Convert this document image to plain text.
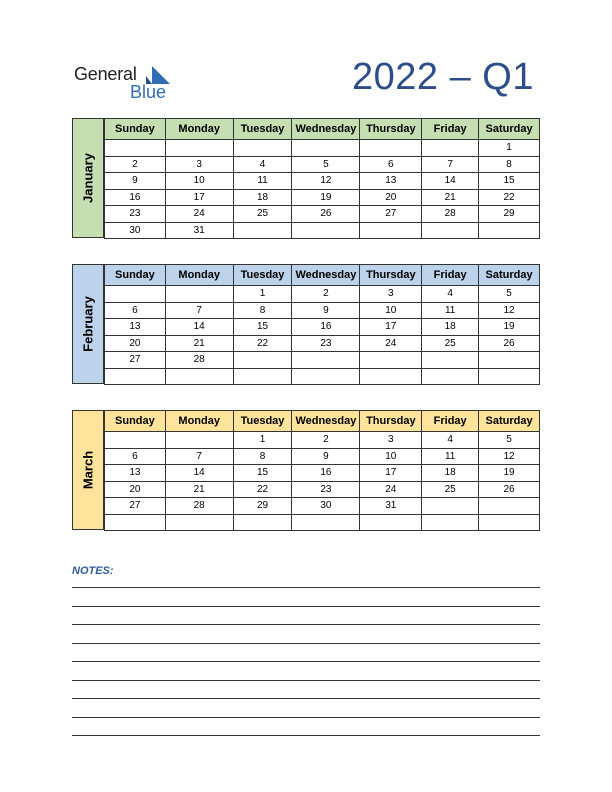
General
Blue	2022 – Q1
January
Sunday	Monday	Tuesday	Wednesday	Thursday	Friday	Saturday
						1
2	3	4	5	6	7	8
9	10	11	12	13	14	15
16	17	18	19	20	21	22
23	24	25	26	27	28	29
30	31					
February
Sunday	Monday	Tuesday	Wednesday	Thursday	Friday	Saturday
		1	2	3	4	5
6	7	8	9	10	11	12
13	14	15	16	17	18	19
20	21	22	23	24	25	26
27	28					

March
Sunday	Monday	Tuesday	Wednesday	Thursday	Friday	Saturday
		1	2	3	4	5
6	7	8	9	10	11	12
13	14	15	16	17	18	19
20	21	22	23	24	25	26
27	28	29	30	31		

NOTES:
